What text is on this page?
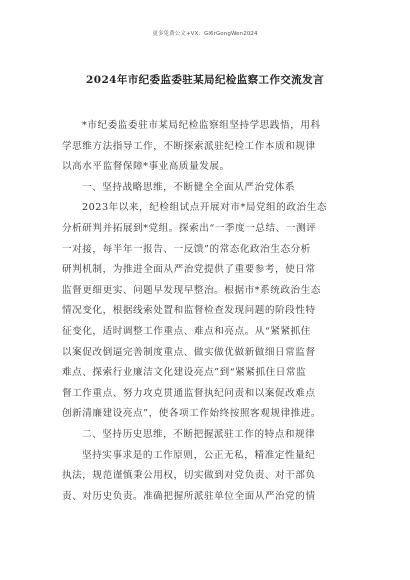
更多免费公文+VX：Gl6rGongWen2024
2024年市纪委监委驻某局纪检监察工作交流发言
*市纪委监委驻市某局纪检监察组坚持学思践悟，用科
学思维方法指导工作，不断探索派驻纪检工作本质和规律
以高水平监督保障*事业高质量发展。
一、坚持战略思维，不断健全全面从严治党体系
2023年以来，纪检组试点开展对市*局党组的政治生态
分析研判并拓展到*党组。探索出“一季度一总结、一测评
一对接，每半年一报告、一反馈”的常态化政治生态分析
研判机制，为推进全面从严治党提供了重要参考，使日常
监督更细更实、问题早发现早整治。根据市*系统政治生态
情况变化，根据线索处置和监督检查发现问题的阶段性特
征变化，适时调整工作重点、难点和亮点。从“紧紧抓住
以案促改倒逼完善制度重点、做实做优做新做细日常监督
难点、探索行业廉洁文化建设亮点”到“紧紧抓住日常监
督工作重点、努力攻克贯通监督执纪问责和以案促改难点
创新清廉建设亮点”，使各项工作始终按照客观规律推进。
二、坚持历史思维，不断把握派驻工作的特点和规律
坚持实事求是的工作原则，公正无私，精准定性量纪
执法，规范谨慎秉公用权，切实做到对党负责、对干部负
责、对历史负责。准确把握所派驻单位全面从严治党的情
